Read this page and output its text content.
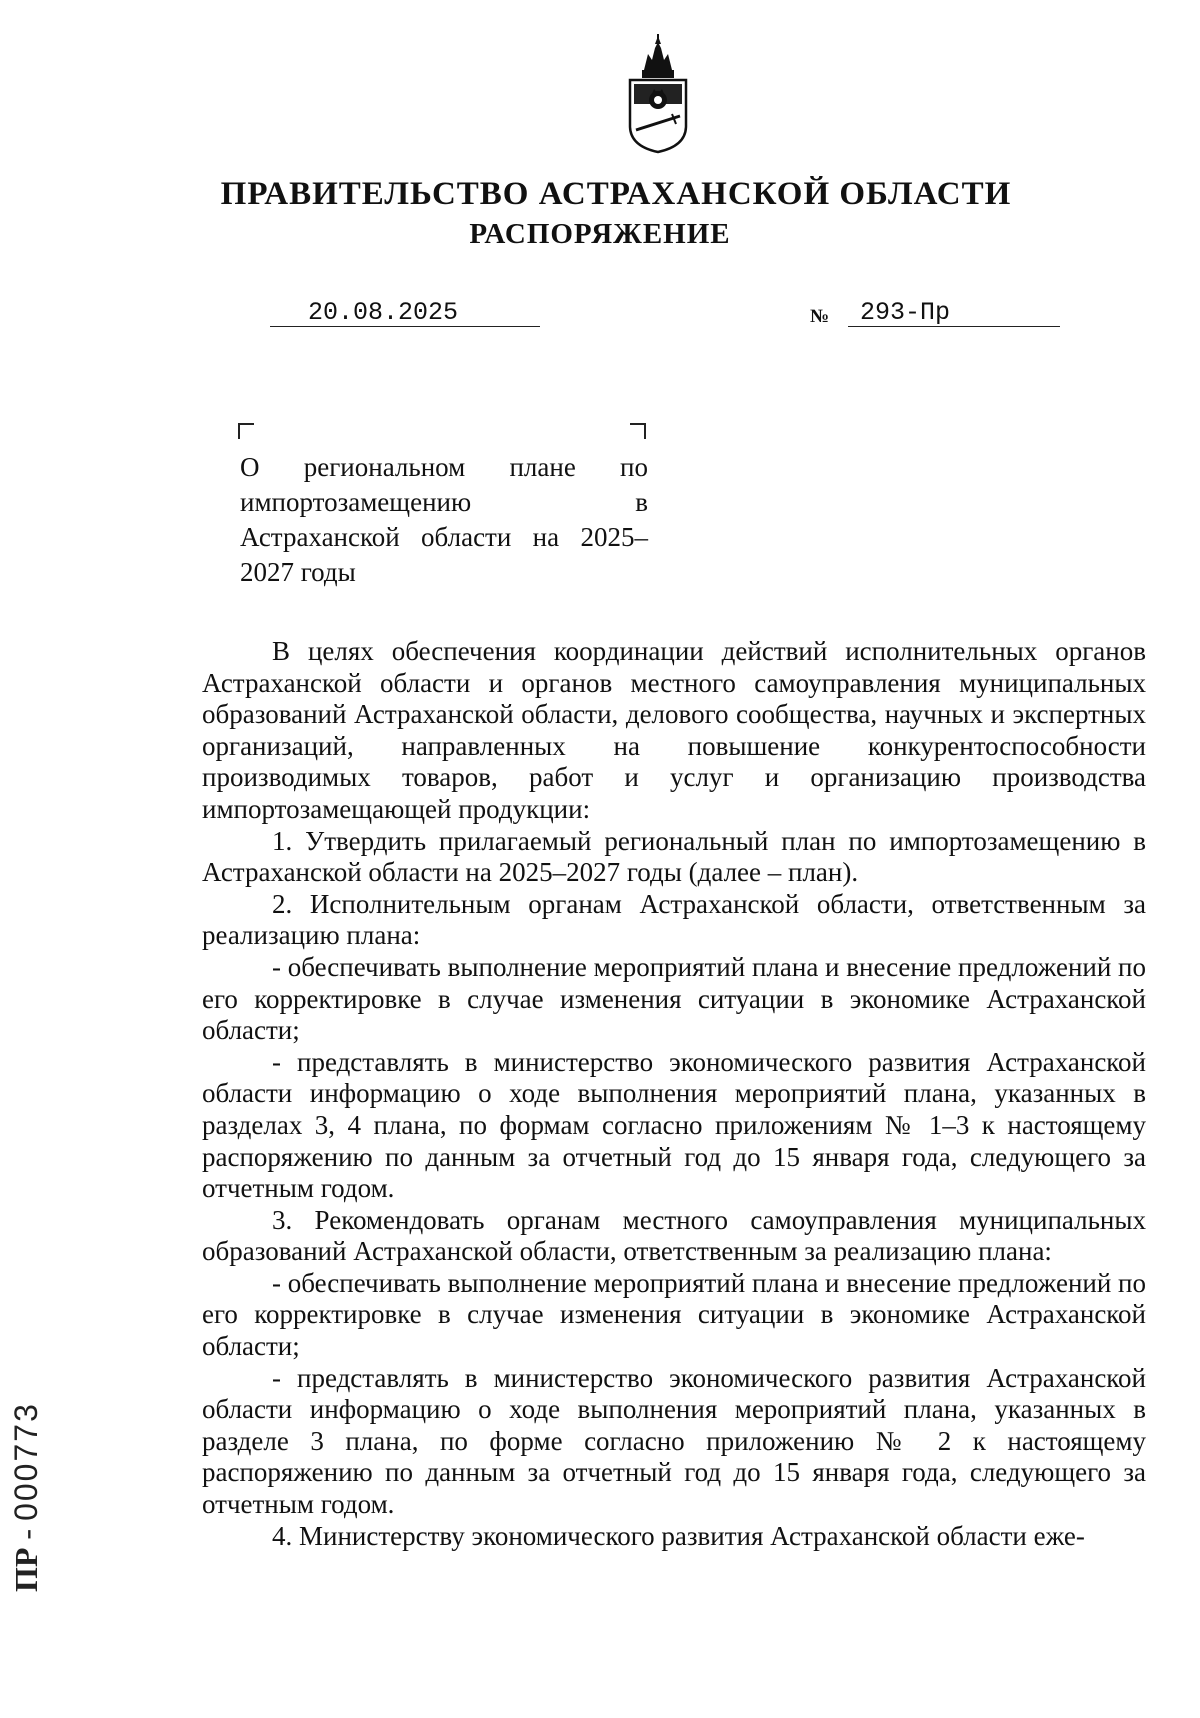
ПРАВИТЕЛЬСТВО АСТРАХАНСКОЙ ОБЛАСТИ
РАСПОРЯЖЕНИЕ
20.08.2025	№ 293-Пр
О региональном плане по импортозамещению в Астраханской области на 2025–2027 годы

В целях обеспечения координации действий исполнительных органов Астраханской области и органов местного самоуправления муниципальных образований Астраханской области, делового сообщества, научных и экспертных организаций, направленных на повышение конкурентоспособности производимых товаров, работ и услуг и организацию производства импортозамещающей продукции:

1. Утвердить прилагаемый региональный план по импортозамещению в Астраханской области на 2025–2027 годы (далее – план).

2. Исполнительным органам Астраханской области, ответственным за реализацию плана:

- обеспечивать выполнение мероприятий плана и внесение предложений по его корректировке в случае изменения ситуации в экономике Астраханской области;

- представлять в министерство экономического развития Астраханской области информацию о ходе выполнения мероприятий плана, указанных в разделах 3, 4 плана, по формам согласно приложениям № 1–3 к настоящему распоряжению по данным за отчетный год до 15 января года, следующего за отчетным годом.

3. Рекомендовать органам местного самоуправления муниципальных образований Астраханской области, ответственным за реализацию плана:

- обеспечивать выполнение мероприятий плана и внесение предложений по его корректировке в случае изменения ситуации в экономике Астраханской области;

- представлять в министерство экономического развития Астраханской области информацию о ходе выполнения мероприятий плана, указанных в разделе 3 плана, по форме согласно приложению № 2 к настоящему распоряжению по данным за отчетный год до 15 января года, следующего за отчетным годом.

4. Министерству экономического развития Астраханской области еже-

ПР-000773
